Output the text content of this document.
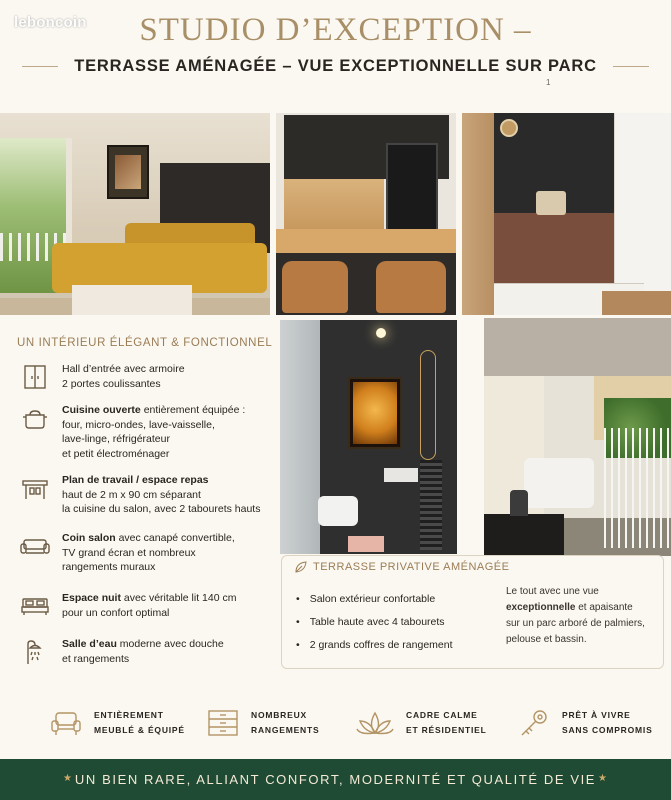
leboncoin	STUDIO D’EXCEPTION –
TERRASSE AMÉNAGÉE – VUE EXCEPTIONNELLE SUR PARC
1
UN INTÉRIEUR ÉLÉGANT & FONCTIONNEL
Hall d’entrée avec armoire
2 portes coulissantes
Cuisine ouverte entièrement équipée :
four, micro-ondes, lave-vaisselle,
lave-linge, réfrigérateur
et petit électroménager
Plan de travail / espace repas
haut de 2 m x 90 cm séparant
la cuisine du salon, avec 2 tabourets hauts
Coin salon avec canapé convertible,
TV grand écran et nombreux
rangements muraux
Espace nuit avec véritable lit 140 cm
pour un confort optimal
Salle d’eau moderne avec douche
et rangements
TERRASSE PRIVATIVE AMÉNAGÉE
• Salon extérieur confortable
• Table haute avec 4 tabourets
• 2 grands coffres de rangement
Le tout avec une vue
exceptionnelle et apaisante
sur un parc arboré de palmiers,
pelouse et bassin.
ENTIÈREMENT
MEUBLÉ & ÉQUIPÉ
NOMBREUX
RANGEMENTS
CADRE CALME
ET RÉSIDENTIEL
PRÊT À VIVRE
SANS COMPROMIS
★ UN BIEN RARE, ALLIANT CONFORT, MODERNITÉ ET QUALITÉ DE VIE ★
